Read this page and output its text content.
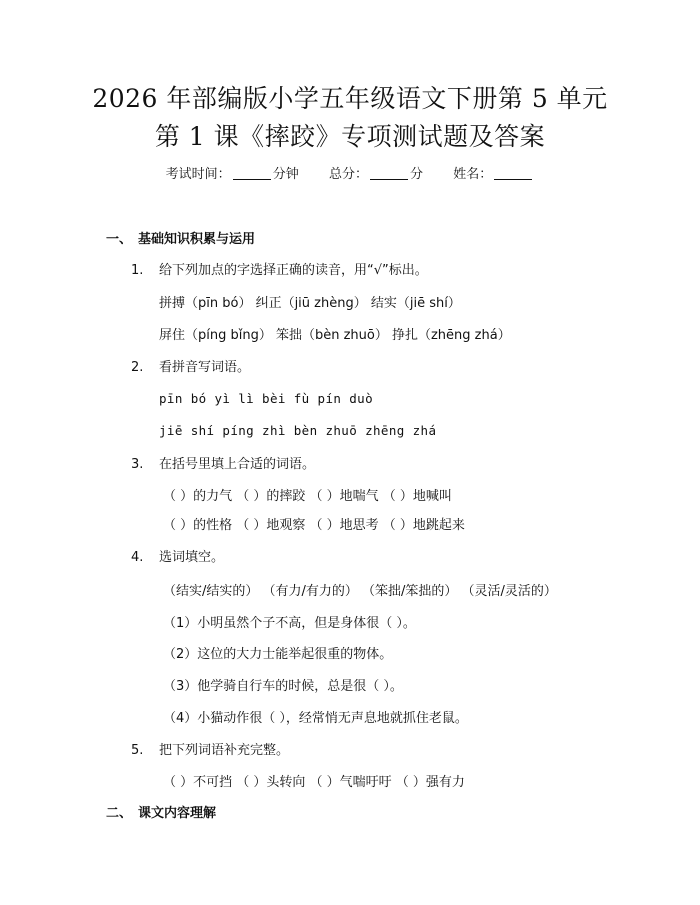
2026 年部编版小学五年级语文下册第 5 单元
第 1 课《摔跤》专项测试题及答案
考试时间：	分钟 总分：	分 姓名：
一、 基础知识积累与运用
1. 给下列加点的字选择正确的读音，用“√”标出。
拼搏（pīn bó） 纠正（jiū zhèng） 结实（jiē shí）
屏住（píng bǐng） 笨拙（bèn zhuō） 挣扎（zhēng zhá）
2. 看拼音写词语。
pīn bó yì lì bèi fù pín duò
jiē shí píng zhì bèn zhuō zhēng zhá
3. 在括号里填上合适的词语。
（ ）的力气 （ ）的摔跤 （ ）地喘气 （ ）地喊叫
（ ）的性格 （ ）地观察 （ ）地思考 （ ）地跳起来
4. 选词填空。
（结实/结实的） （有力/有力的） （笨拙/笨拙的） （灵活/灵活的）
（1）小明虽然个子不高，但是身体很（ ）。
（2）这位的大力士能举起很重的物体。
（3）他学骑自行车的时候，总是很（ ）。
（4）小猫动作很（ ），经常悄无声息地就抓住老鼠。
5. 把下列词语补充完整。
（ ）不可挡 （ ）头转向 （ ）气喘吁吁 （ ）强有力
二、 课文内容理解
